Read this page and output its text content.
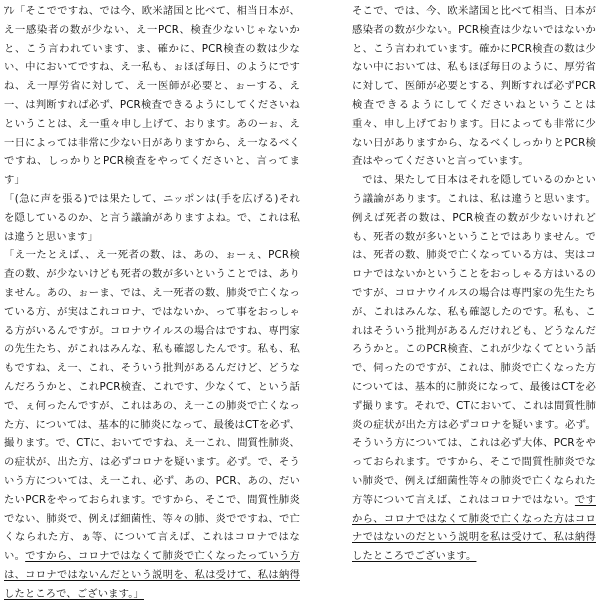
ｱﾚ「そこでですね、では今、欧米諸国と比べて、相当日本が、え一感染者の数が少ない、え一PCR、検査少ないじゃないかと、こう言われています、ま、確かに、PCR検査の数は少ない、中においてですね、え一私も、ぉほぼ毎日、のようにですね、え一厚労省に対して、え一医師が必要と、ぉーする、え一、は判断すれば必ず、PCR検査できるようにしてくださいねということは、え一重々申し上げて、おります。あのーぉ、え一日によっては非常に少ない日がありますから、え一なるべくですね、しっかりとPCR検査をやってくださいと、言ってます」

「(急に声を張る)では果たして、ニッポンは(手を広げる)それを隠しているのか、と言う議論がありますよね。で、これは私は違うと思います」

「え一たとえば、、え一死者の数、は、あの、ぉーぇ、PCR検査の数、が少ないけども死者の数が多いということでは、ありません。あの、ぉーま、では、え一死者の数、肺炎で亡くなっている方、が実はこれコロナ、ではないか、って事をおっしゃる方がいるんですが。コロナウイルスの場合はですね、専門家の先生たち、がこれはみんな、私も確認したんです。私も、私もですね、え一、これ、そういう批判があるんだけど、どうなんだろうかと、これPCR検査、これです、少なくて、という話で、ぇ何ったんですが、これはあの、え一この肺炎で亡くなった方、については、基本的に肺炎になって、最後はCTを必ず、撮ります。で、CTに、おいてですね、え一これ、間質性肺炎、の症状が、出た方、は必ずコロナを疑います。必ず。で、そういう方については、え一これ、必ず、あの、PCR、あの、だいたいPCRをやっておられます。ですから、そこで、間質性肺炎でない、肺炎で、例えば細菌性、等々の肺、炎でですね、で亡くなられた方、ぁ等、について言えば、これはコロナではない。ですから、コロナではなくて肺炎で亡くなったっていう方は、コロナではないんだという説明を、私は受けて、私は納得したところで、ございます。」

そこで、では、今、欧米諸国と比べて相当、日本が感染者の数が少ない。PCR検査は少ないではないかと、こう言われています。確かにPCR検査の数は少ない中においては、私もほぼ毎日のように、厚労省に対して、医師が必要とする、判断すれば必ずPCR検査できるようにしてくださいねということは重々、申し上げております。日によっても非常に少ない日がありますから、なるべくしっかりとPCR検査はやってくださいと言っています。

では、果たして日本はそれを隠しているのかという議論があります。これは、私は違うと思います。例えば死者の数は、PCR検査の数が少ないけれども、死者の数が多いということではありません。では、死者の数、肺炎で亡くなっている方は、実はコロナではないかということをおっしゃる方はいるのですが、コロナウイルスの場合は専門家の先生たちが、これはみんな、私も確認したのです。私も、これはそういう批判があるんだけれども、どうなんだろうかと。このPCR検査、これが少なくてという話で、伺ったのですが、これは、肺炎で亡くなった方については、基本的に肺炎になって、最後はCTを必ず撮ります。それで、CTにおいて、これは間質性肺炎の症状が出た方は必ずコロナを疑います。必ず。そういう方については、これは必ず大体、PCRをやっておられます。ですから、そこで間質性肺炎でない肺炎で、例えば細菌性等々の肺炎で亡くなられた方等について言えば、これはコロナではない。ですから、コロナではなくて肺炎で亡くなった方はコロナではないのだという説明を私は受けて、私は納得したところでございます。
